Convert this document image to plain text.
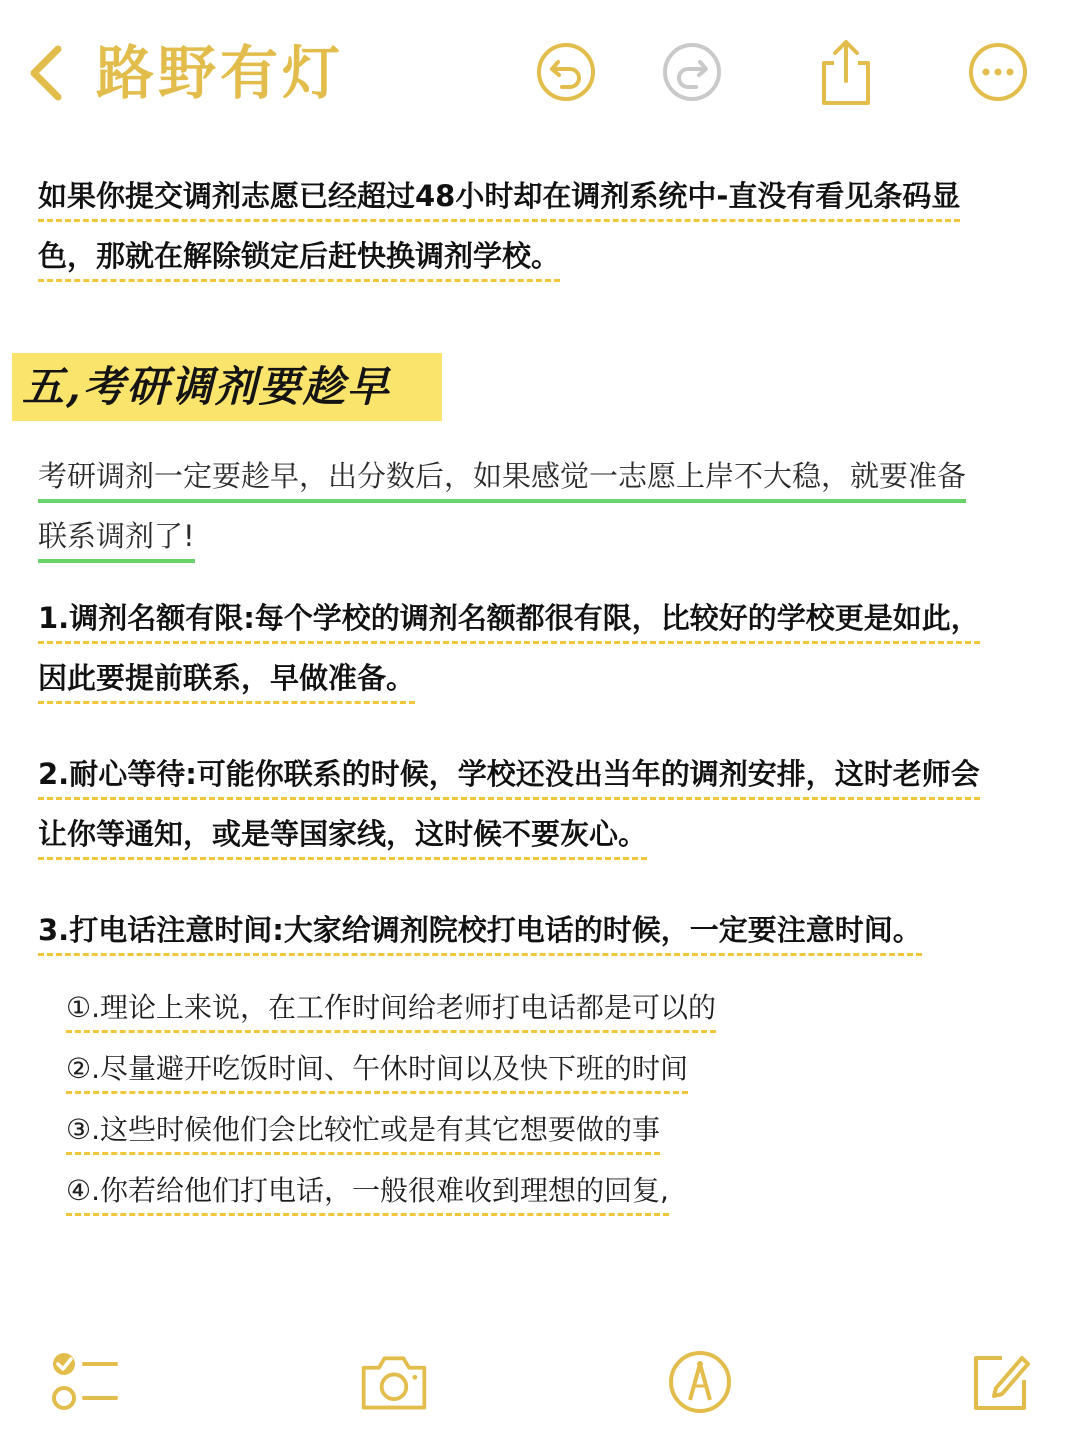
路野有灯
如果你提交调剂志愿已经超过48小时却在调剂系统中-直没有看见条码显
色，那就在解除锁定后赶快换调剂学校。
五,考研调剂要趁早
考研调剂一定要趁早，出分数后，如果感觉一志愿上岸不大稳，就要准备
联系调剂了!
1.调剂名额有限:每个学校的调剂名额都很有限，比较好的学校更是如此，
因此要提前联系，早做准备。
2.耐心等待:可能你联系的时候，学校还没出当年的调剂安排，这时老师会
让你等通知，或是等国家线，这时候不要灰心。
3.打电话注意时间:大家给调剂院校打电话的时候，一定要注意时间。
①.理论上来说，在工作时间给老师打电话都是可以的
②.尽量避开吃饭时间、午休时间以及快下班的时间
③.这些时候他们会比较忙或是有其它想要做的事
④.你若给他们打电话，一般很难收到理想的回复,
